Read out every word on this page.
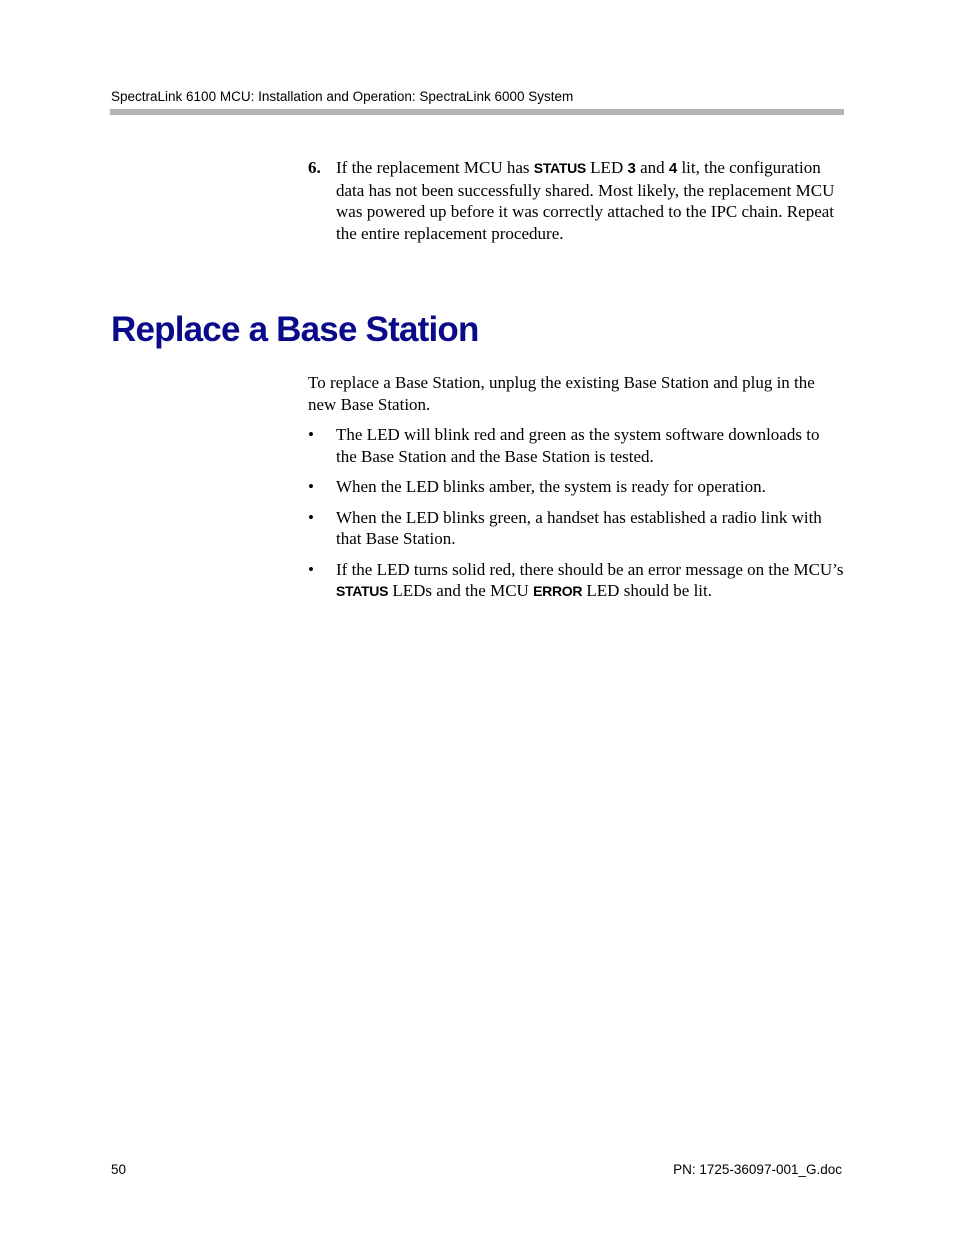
SpectraLink 6100 MCU: Installation and Operation: SpectraLink 6000 System
6. If the replacement MCU has STATUS LED 3 and 4 lit, the configuration data has not been successfully shared. Most likely, the replacement MCU was powered up before it was correctly attached to the IPC chain. Repeat the entire replacement procedure.
Replace a Base Station
To replace a Base Station, unplug the existing Base Station and plug in the new Base Station.
• The LED will blink red and green as the system software downloads to the Base Station and the Base Station is tested.
• When the LED blinks amber, the system is ready for operation.
• When the LED blinks green, a handset has established a radio link with that Base Station.
• If the LED turns solid red, there should be an error message on the MCU’s STATUS LEDs and the MCU ERROR LED should be lit.
50	PN: 1725-36097-001_G.doc
